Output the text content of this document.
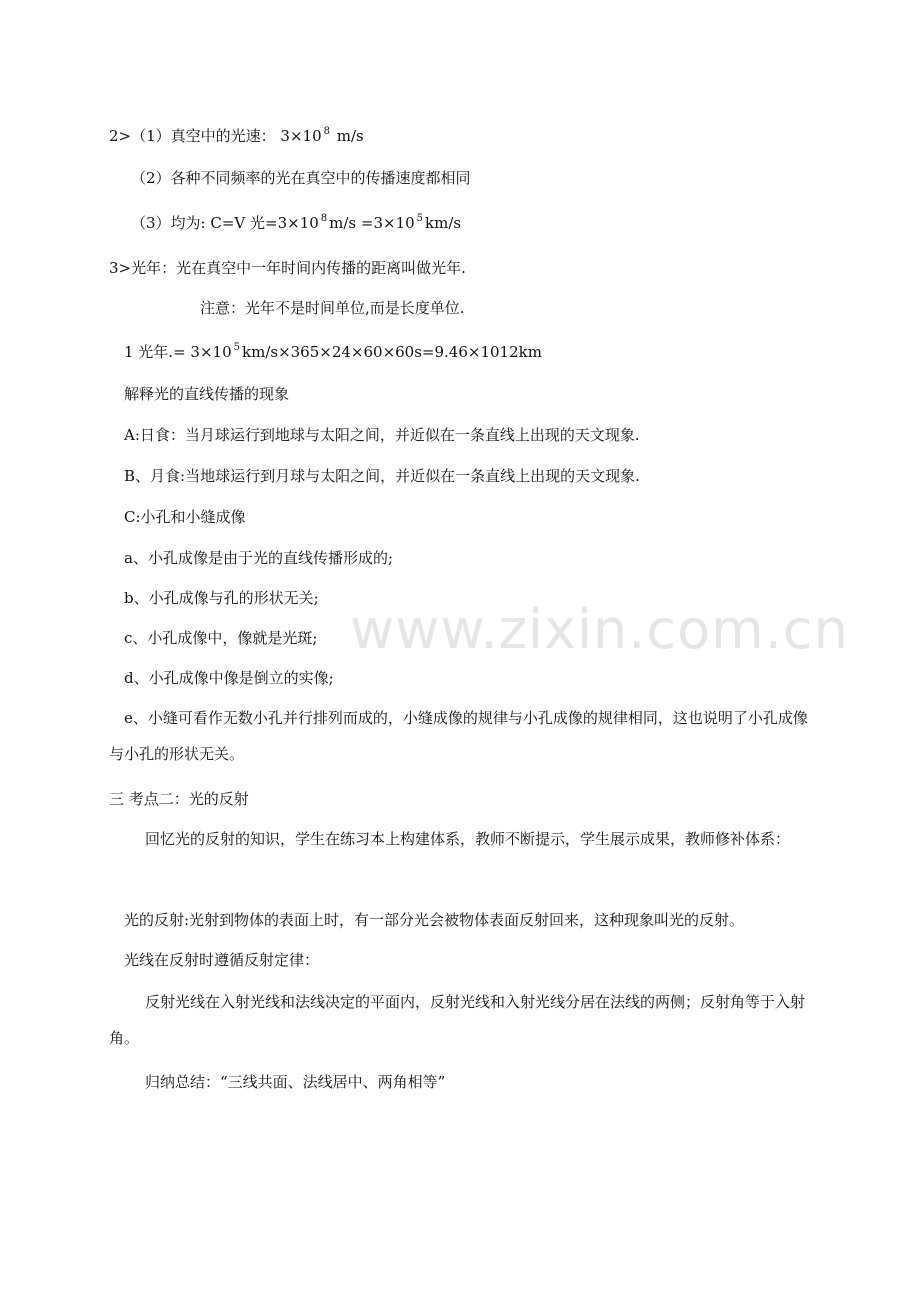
www.zixin.com.cn
2>（1）真空中的光速： 3×10 $^8$ m/s
（2）各种不同频率的光在真空中的传播速度都相同
（3）均为: C=V 光=3×10 $^8$ m/s =3×10 $^5$ km/s
3>光年：光在真空中一年时间内传播的距离叫做光年.
注意：光年不是时间单位,而是长度单位.
1 光年.= 3×10 $^5$ km/s×365×24×60×60s=9.46×1012km
解释光的直线传播的现象
A:日食：当月球运行到地球与太阳之间，并近似在一条直线上出现的天文现象.
B、月食:当地球运行到月球与太阳之间，并近似在一条直线上出现的天文现象.
C:小孔和小缝成像
a、小孔成像是由于光的直线传播形成的;
b、小孔成像与孔的形状无关;
c、小孔成像中，像就是光斑;
d、小孔成像中像是倒立的实像;
e、小缝可看作无数小孔并行排列而成的，小缝成像的规律与小孔成像的规律相同，这也说明了小孔成像与小孔的形状无关。
三 考点二：光的反射
回忆光的反射的知识，学生在练习本上构建体系，教师不断提示，学生展示成果，教师修补体系：
光的反射:光射到物体的表面上时，有一部分光会被物体表面反射回来，这种现象叫光的反射。
光线在反射时遵循反射定律：
反射光线在入射光线和法线决定的平面内，反射光线和入射光线分居在法线的两侧；反射角等于入射角。
归纳总结：“三线共面、法线居中、两角相等”
